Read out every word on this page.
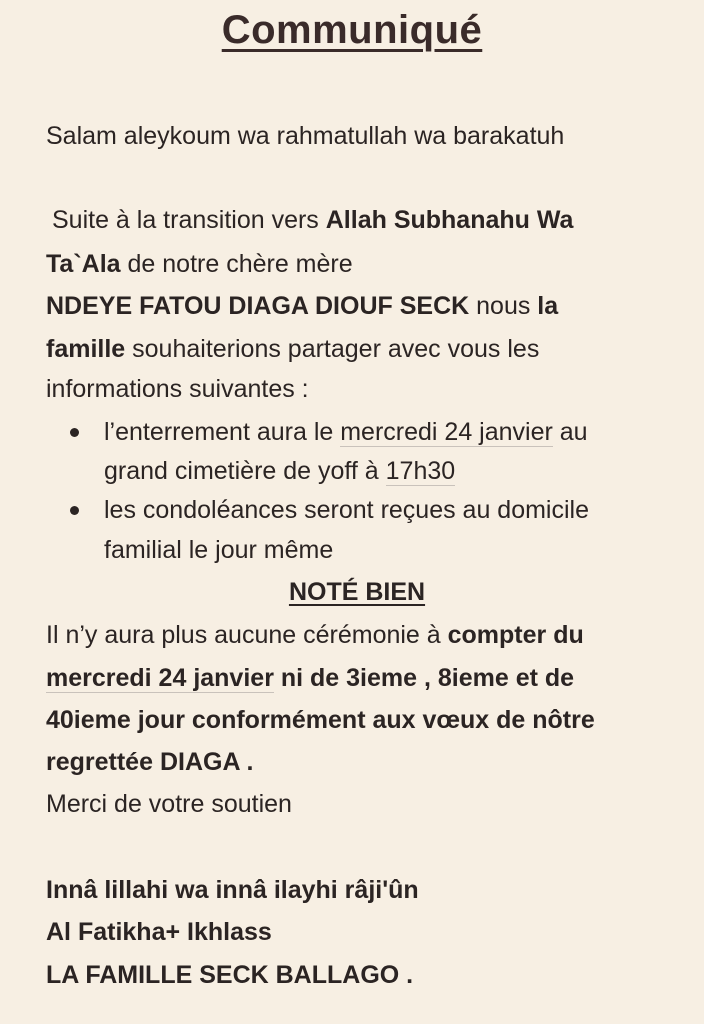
Communiqué
Salam aleykoum wa rahmatullah wa barakatuh
Suite à la transition vers Allah Subhanahu Wa
Ta`Ala de notre chère mère
NDEYE FATOU DIAGA DIOUF SECK nous la
famille souhaiterions partager avec vous les
informations suivantes :
l’enterrement aura le mercredi 24 janvier au
grand cimetière de yoff à 17h30
les condoléances seront reçues au domicile
familial le jour même
NOTÉ BIEN
Il n’y aura plus aucune cérémonie à compter du
mercredi 24 janvier ni de 3ieme , 8ieme et de
40ieme jour conformément aux vœux de nôtre
regrettée DIAGA .
Merci de votre soutien
Innâ lillahi wa innâ ilayhi râji'ûn
Al Fatikha+ Ikhlass
LA FAMILLE SECK BALLAGO .
